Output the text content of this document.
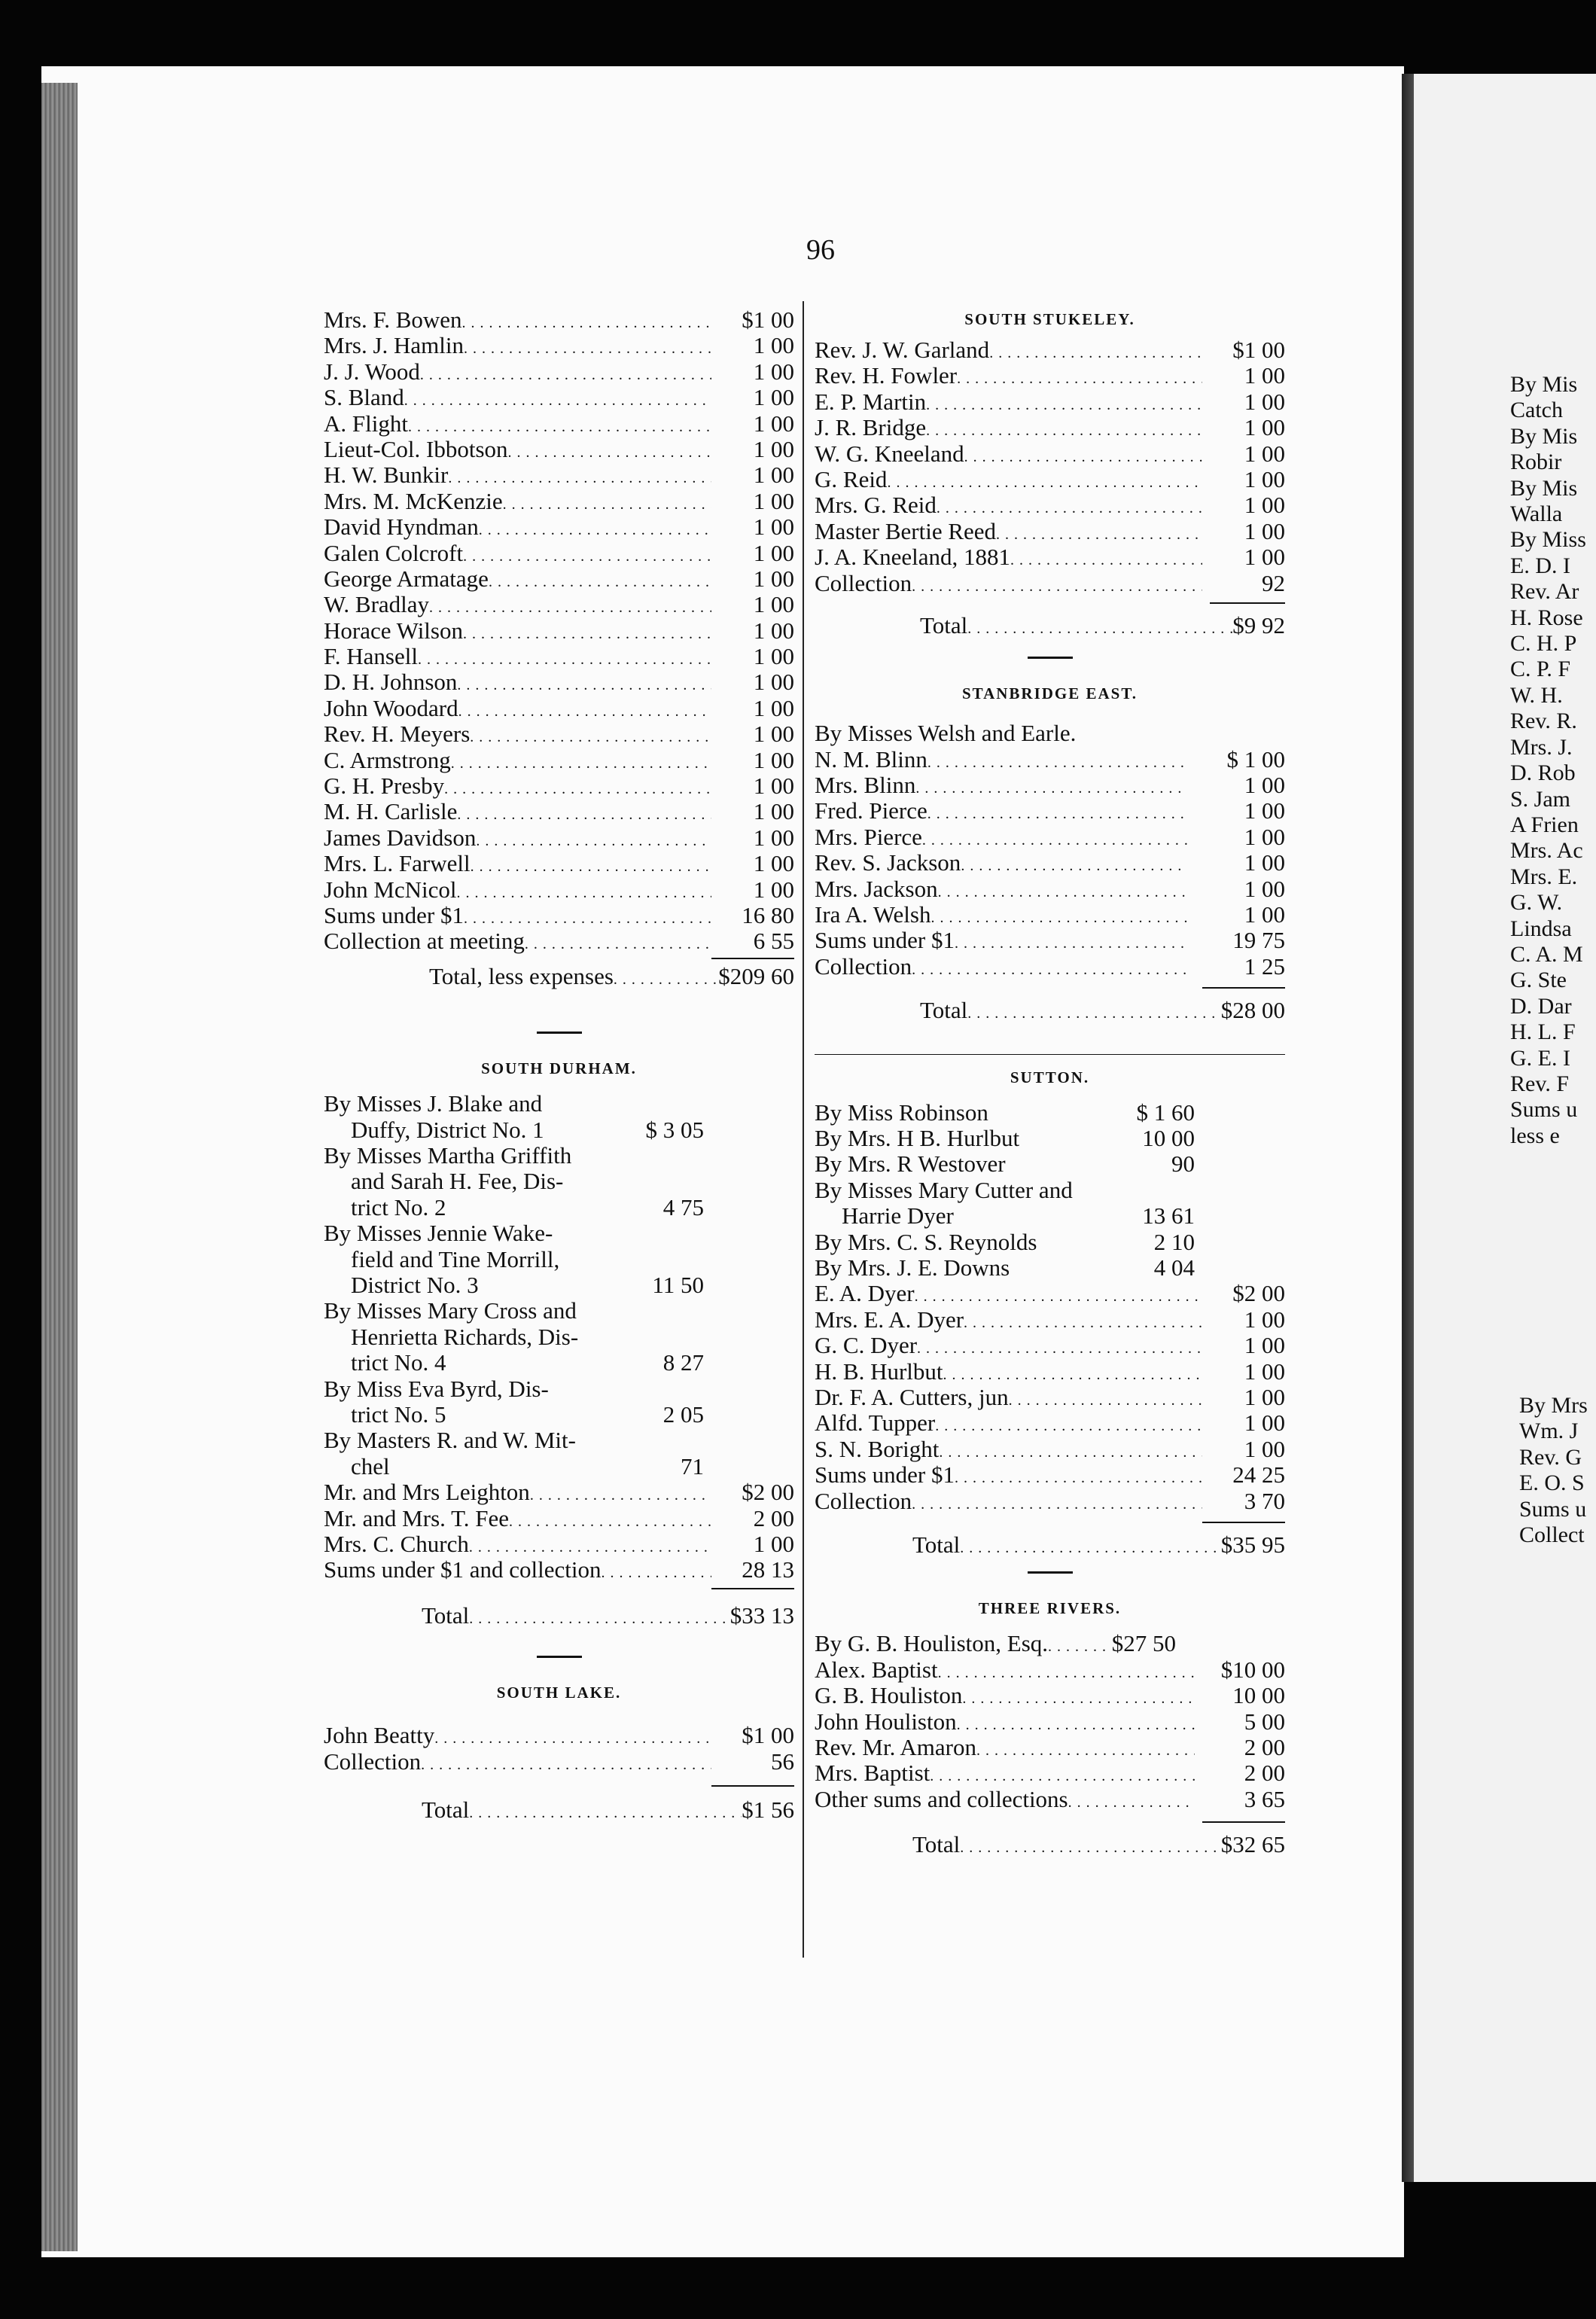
By Mis
Catch
By Mis
Robir
By Mis
Walla
By Miss
E. D. I
Rev. Ar
H. Rose
C. H. P
C. P. F
W. H.
Rev. R.
Mrs. J.
D. Rob
S. Jam
A Frien
Mrs. Ac
Mrs. E.
G. W.
Lindsa
C. A. M
G. Ste
D. Dar
H. L. F
G. E. I
Rev. F
Sums u
less e
By Mrs
Wm. J
Rev. G
E. O. S
Sums u
Collect
96
Mrs. F. Bowen . . .	$1 00
Mrs. J. Hamlin . . .	1 00
J. J. Wood . . .	1 00
S. Bland . . .	1 00
A. Flight . . .	1 00
Lieut-Col. Ibbotson . . .	1 00
H. W. Bunkir . . .	1 00
Mrs. M. McKenzie . . .	1 00
David Hyndman . . .	1 00
Galen Colcroft . . .	1 00
George Armatage . . .	1 00
W. Bradlay . . .	1 00
Horace Wilson . . .	1 00
F. Hansell . . .	1 00
D. H. Johnson . . .	1 00
John Woodard . . .	1 00
Rev. H. Meyers . . .	1 00
C. Armstrong . . .	1 00
G. H. Presby . . .	1 00
M. H. Carlisle . . .	1 00
James Davidson . . .	1 00
Mrs. L. Farwell . . .	1 00
John McNicol . . .	1 00
Sums under $1 . . .	16 80
Collection at meeting . . .	6 55
Total, less expenses . . .	$209 60
SOUTH DURHAM.
By Misses J. Blake and
Duffy, District No. 1	$ 3 05
By Misses Martha Griffith
and Sarah H. Fee, Dis-
trict No. 2	4 75
By Misses Jennie Wake-
field and Tine Morrill,
District No. 3	11 50
By Misses Mary Cross and
Henrietta Richards, Dis-
trict No. 4	8 27
By Miss Eva Byrd, Dis-
trict No. 5	2 05
By Masters R. and W. Mit-
chel	71
Mr. and Mrs Leighton . . .	$2 00
Mr. and Mrs. T. Fee . . .	2 00
Mrs. C. Church . . .	1 00
Sums under $1 and collection . . .	28 13
Total . . .	$33 13
SOUTH LAKE.
John Beatty . . .	$1 00
Collection . . .	56
Total . . .	$1 56
SOUTH STUKELEY.
Rev. J. W. Garland . . .	$1 00
Rev. H. Fowler . . .	1 00
E. P. Martin . . .	1 00
J. R. Bridge . . .	1 00
W. G. Kneeland . . .	1 00
G. Reid . . .	1 00
Mrs. G. Reid . . .	1 00
Master Bertie Reed . . .	1 00
J. A. Kneeland, 1881 . . .	1 00
Collection . . .	92
Total . . .	$9 92
STANBRIDGE EAST.
By Misses Welsh and Earle.
N. M. Blinn . . .	$ 1 00
Mrs. Blinn . . .	1 00
Fred. Pierce . . .	1 00
Mrs. Pierce . . .	1 00
Rev. S. Jackson . . .	1 00
Mrs. Jackson . . .	1 00
Ira A. Welsh . . .	1 00
Sums under $1 . . .	19 75
Collection . . .	1 25
Total . . .	$28 00
SUTTON.
By Miss Robinson	$ 1 60
By Mrs. H B. Hurlbut	10 00
By Mrs. R Westover	90
By Misses Mary Cutter and
Harrie Dyer	13 61
By Mrs. C. S. Reynolds	2 10
By Mrs. J. E. Downs	4 04
E. A. Dyer . . .	$2 00
Mrs. E. A. Dyer . . .	1 00
G. C. Dyer . . .	1 00
H. B. Hurlbut . . .	1 00
Dr. F. A. Cutters, jun . . .	1 00
Alfd. Tupper . . .	1 00
S. N. Boright . . .	1 00
Sums under $1 . . .	24 25
Collection . . .	3 70
Total . . .	$35 95
THREE RIVERS.
By G. B. Houliston, Esq. . . .	$27 50
Alex. Baptist . . .	$10 00
G. B. Houliston . . .	10 00
John Houliston . . .	5 00
Rev. Mr. Amaron . . .	2 00
Mrs. Baptist . . .	2 00
Other sums and collections . . .	3 65
Total . . .	$32 65
